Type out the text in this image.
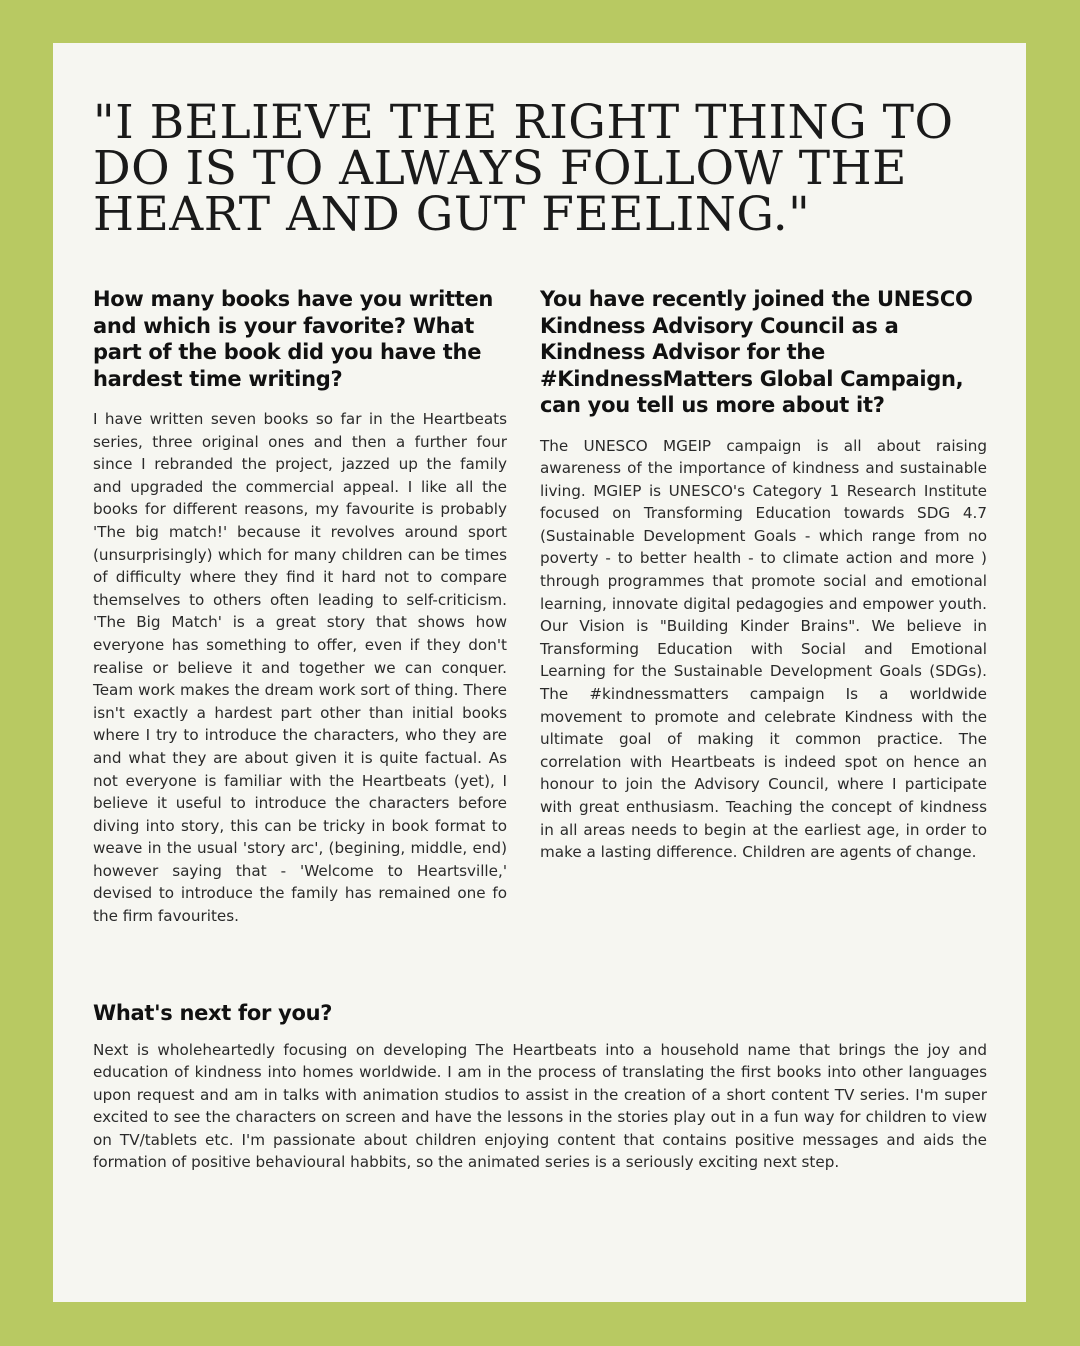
"I BELIEVE THE RIGHT THING TO DO IS TO ALWAYS FOLLOW THE HEART AND GUT FEELING."
How many books have you written and which is your favorite? What part of the book did you have the hardest time writing?

I have written seven books so far in the Heartbeats series, three original ones and then a further four since I rebranded the project, jazzed up the family and upgraded the commercial appeal. I like all the books for different reasons, my favourite is probably 'The big match!' because it revolves around sport (unsurprisingly) which for many children can be times of difficulty where they find it hard not to compare themselves to others often leading to self-criticism. 'The Big Match' is a great story that shows how everyone has something to offer, even if they don't realise or believe it and together we can conquer. Team work makes the dream work sort of thing. There isn't exactly a hardest part other than initial books where I try to introduce the characters, who they are and what they are about given it is quite factual. As not everyone is familiar with the Heartbeats (yet), I believe it useful to introduce the characters before diving into story, this can be tricky in book format to weave in the usual 'story arc', (begining, middle, end) however saying that - 'Welcome to Heartsville,' devised to introduce the family has remained one fo the firm favourites.

You have recently joined the UNESCO Kindness Advisory Council as a Kindness Advisor for the #KindnessMatters Global Campaign, can you tell us more about it?

The UNESCO MGEIP campaign is all about raising awareness of the importance of kindness and sustainable living. MGIEP is UNESCO's Category 1 Research Institute focused on Transforming Education towards SDG 4.7 (Sustainable Development Goals - which range from no poverty - to better health - to climate action and more ) through programmes that promote social and emotional learning, innovate digital pedagogies and empower youth. Our Vision is "Building Kinder Brains". We believe in Transforming Education with Social and Emotional Learning for the Sustainable Development Goals (SDGs). The #kindnessmatters campaign Is a worldwide movement to promote and celebrate Kindness with the ultimate goal of making it common practice. The correlation with Heartbeats is indeed spot on hence an honour to join the Advisory Council, where I participate with great enthusiasm. Teaching the concept of kindness in all areas needs to begin at the earliest age, in order to make a lasting difference. Children are agents of change.

What's next for you?

Next is wholeheartedly focusing on developing The Heartbeats into a household name that brings the joy and education of kindness into homes worldwide. I am in the process of translating the first books into other languages upon request and am in talks with animation studios to assist in the creation of a short content TV series. I'm super excited to see the characters on screen and have the lessons in the stories play out in a fun way for children to view on TV/tablets etc. I'm passionate about children enjoying content that contains positive messages and aids the formation of positive behavioural habbits, so the animated series is a seriously exciting next step.
